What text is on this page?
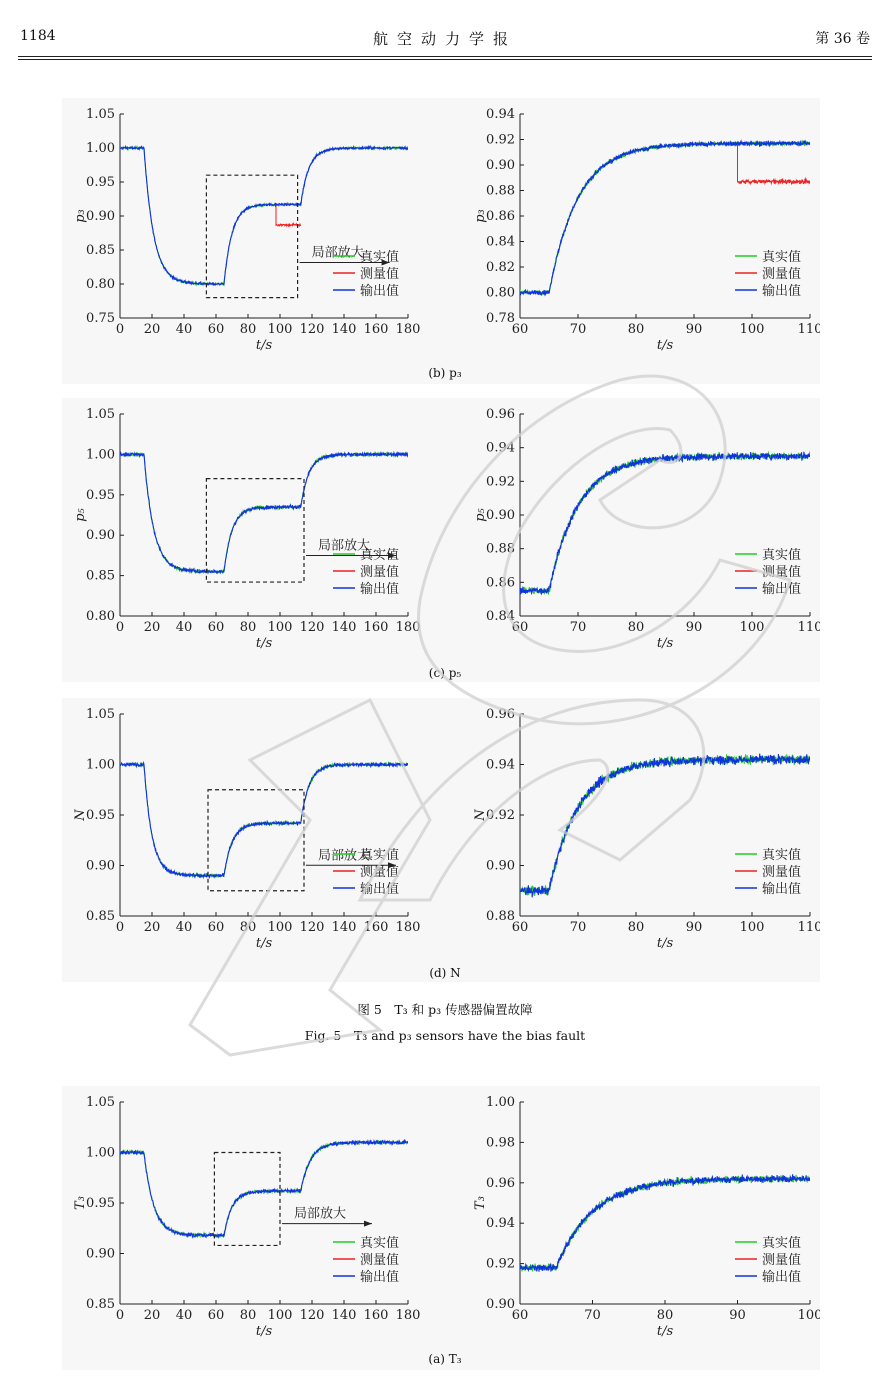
1184	航空动力学报	第 36 卷
0 20 40 60 80 100 120 140 160 180
0.75
0.80
0.85
0.90
0.95
1.00
1.05
t/s
p₃
局部放大
真实值
测量值
输出值
60	70	80	90	100	110
0.78
0.80
0.82
0.84
0.86
0.88
0.90
0.92
0.94
t/s
p₃
真实值
测量值
输出值
(b) p₃
0 20 40 60 80 100 120 140 160 180
0.80
0.85
0.90
0.95
1.00
1.05
t/s
p₅
局部放大
真实值
测量值
输出值
60	70	80	90	100	110
0.84
0.86
0.88
0.90
0.92
0.94
0.96
t/s
p₅
真实值
测量值
输出值
(c) p₅
0 20 40 60 80 100 120 140 160 180
0.85
0.90
0.95
1.00
1.05
t/s
N
局部放大
真实值
测量值
输出值
60	70	80	90	100	110
0.88
0.90
0.92
0.94
0.96
t/s
N
真实值
测量值
输出值
(d) N
图 5　T₃ 和 p₃ 传感器偏置故障
Fig. 5　T₃ and p₃ sensors have the bias fault
0 20 40 60 80 100 120 140 160 180
0.85
0.90
0.95
1.00
1.05
t/s
T₃
局部放大
真实值
测量值
输出值
60	70	80	90	100
0.90
0.92
0.94
0.96
0.98
1.00
t/s
T₃
真实值
测量值
输出值
(a) T₃
